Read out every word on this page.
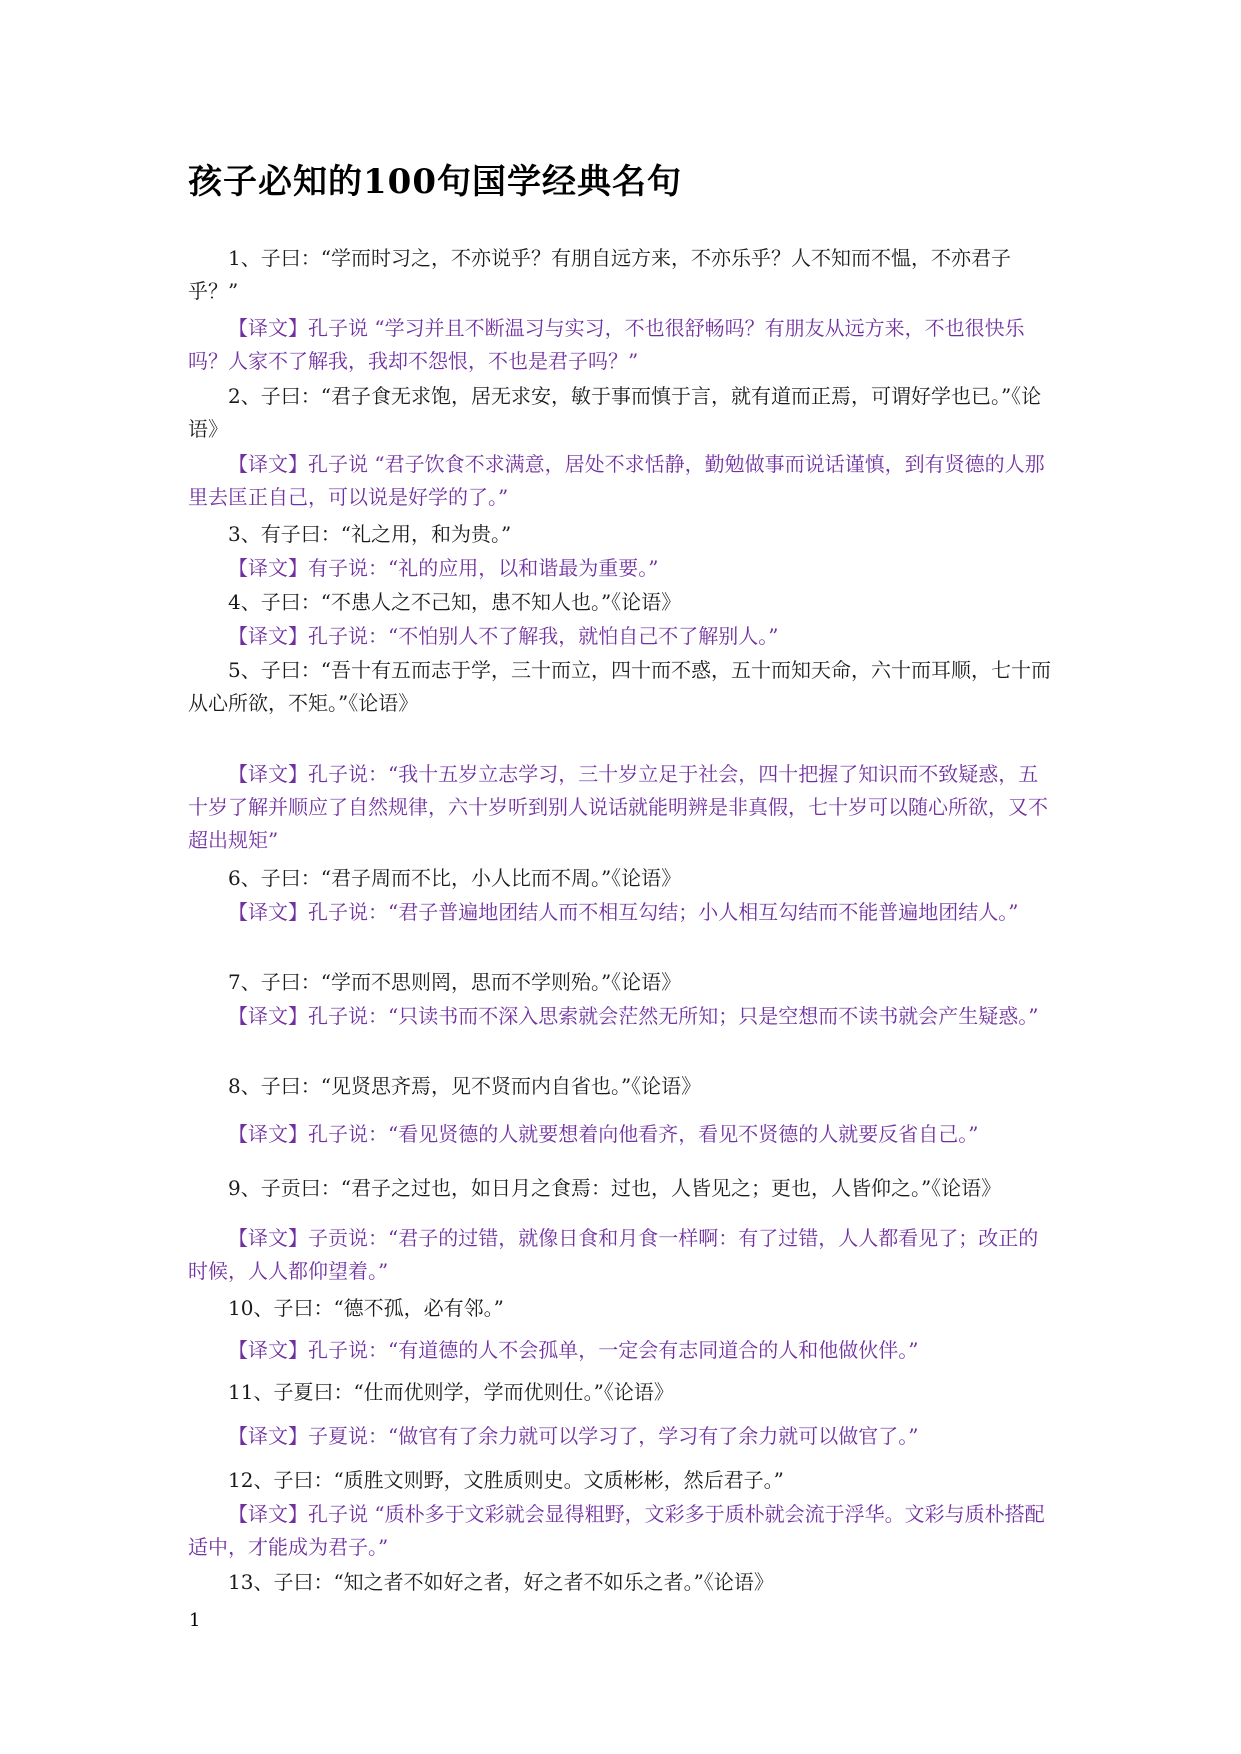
孩子必知的100句国学经典名句

1、子曰：“学而时习之，不亦说乎？有朋自远方来，不亦乐乎？人不知而不愠，不亦君子乎？”

【译文】孔子说 “学习并且不断温习与实习，不也很舒畅吗？有朋友从远方来，不也很快乐吗？人家不了解我，我却不怨恨，不也是君子吗？”

2、子曰：“君子食无求饱，居无求安，敏于事而慎于言，就有道而正焉，可谓好学也已。”《论语》

【译文】孔子说 “君子饮食不求满意，居处不求恬静，勤勉做事而说话谨慎，到有贤德的人那里去匡正自己，可以说是好学的了。”

3、有子曰：“礼之用，和为贵。”

【译文】有子说：“礼的应用，以和谐最为重要。”

4、子曰：“不患人之不己知，患不知人也。”《论语》

【译文】孔子说：“不怕别人不了解我，就怕自己不了解别人。”

5、子曰：“吾十有五而志于学，三十而立，四十而不惑，五十而知天命，六十而耳顺，七十而从心所欲，不矩。”《论语》

【译文】孔子说：“我十五岁立志学习，三十岁立足于社会，四十把握了知识而不致疑惑，五十岁了解并顺应了自然规律，六十岁听到别人说话就能明辨是非真假，七十岁可以随心所欲，又不超出规矩”

6、子曰：“君子周而不比，小人比而不周。”《论语》

【译文】孔子说：“君子普遍地团结人而不相互勾结；小人相互勾结而不能普遍地团结人。”

7、子曰：“学而不思则罔，思而不学则殆。”《论语》

【译文】孔子说：“只读书而不深入思索就会茫然无所知；只是空想而不读书就会产生疑惑。”

8、子曰：“见贤思齐焉，见不贤而内自省也。”《论语》

【译文】孔子说：“看见贤德的人就要想着向他看齐，看见不贤德的人就要反省自己。”

9、子贡曰：“君子之过也，如日月之食焉：过也，人皆见之；更也，人皆仰之。”《论语》

【译文】子贡说：“君子的过错，就像日食和月食一样啊：有了过错，人人都看见了；改正的时候，人人都仰望着。”

10、子曰：“德不孤，必有邻。”

【译文】孔子说：“有道德的人不会孤单，一定会有志同道合的人和他做伙伴。”

11、子夏曰：“仕而优则学，学而优则仕。”《论语》

【译文】子夏说：“做官有了余力就可以学习了，学习有了余力就可以做官了。”

12、子曰：“质胜文则野，文胜质则史。文质彬彬，然后君子。”

【译文】孔子说 “质朴多于文彩就会显得粗野，文彩多于质朴就会流于浮华。文彩与质朴搭配适中，才能成为君子。”

13、子曰：“知之者不如好之者，好之者不如乐之者。”《论语》

1
